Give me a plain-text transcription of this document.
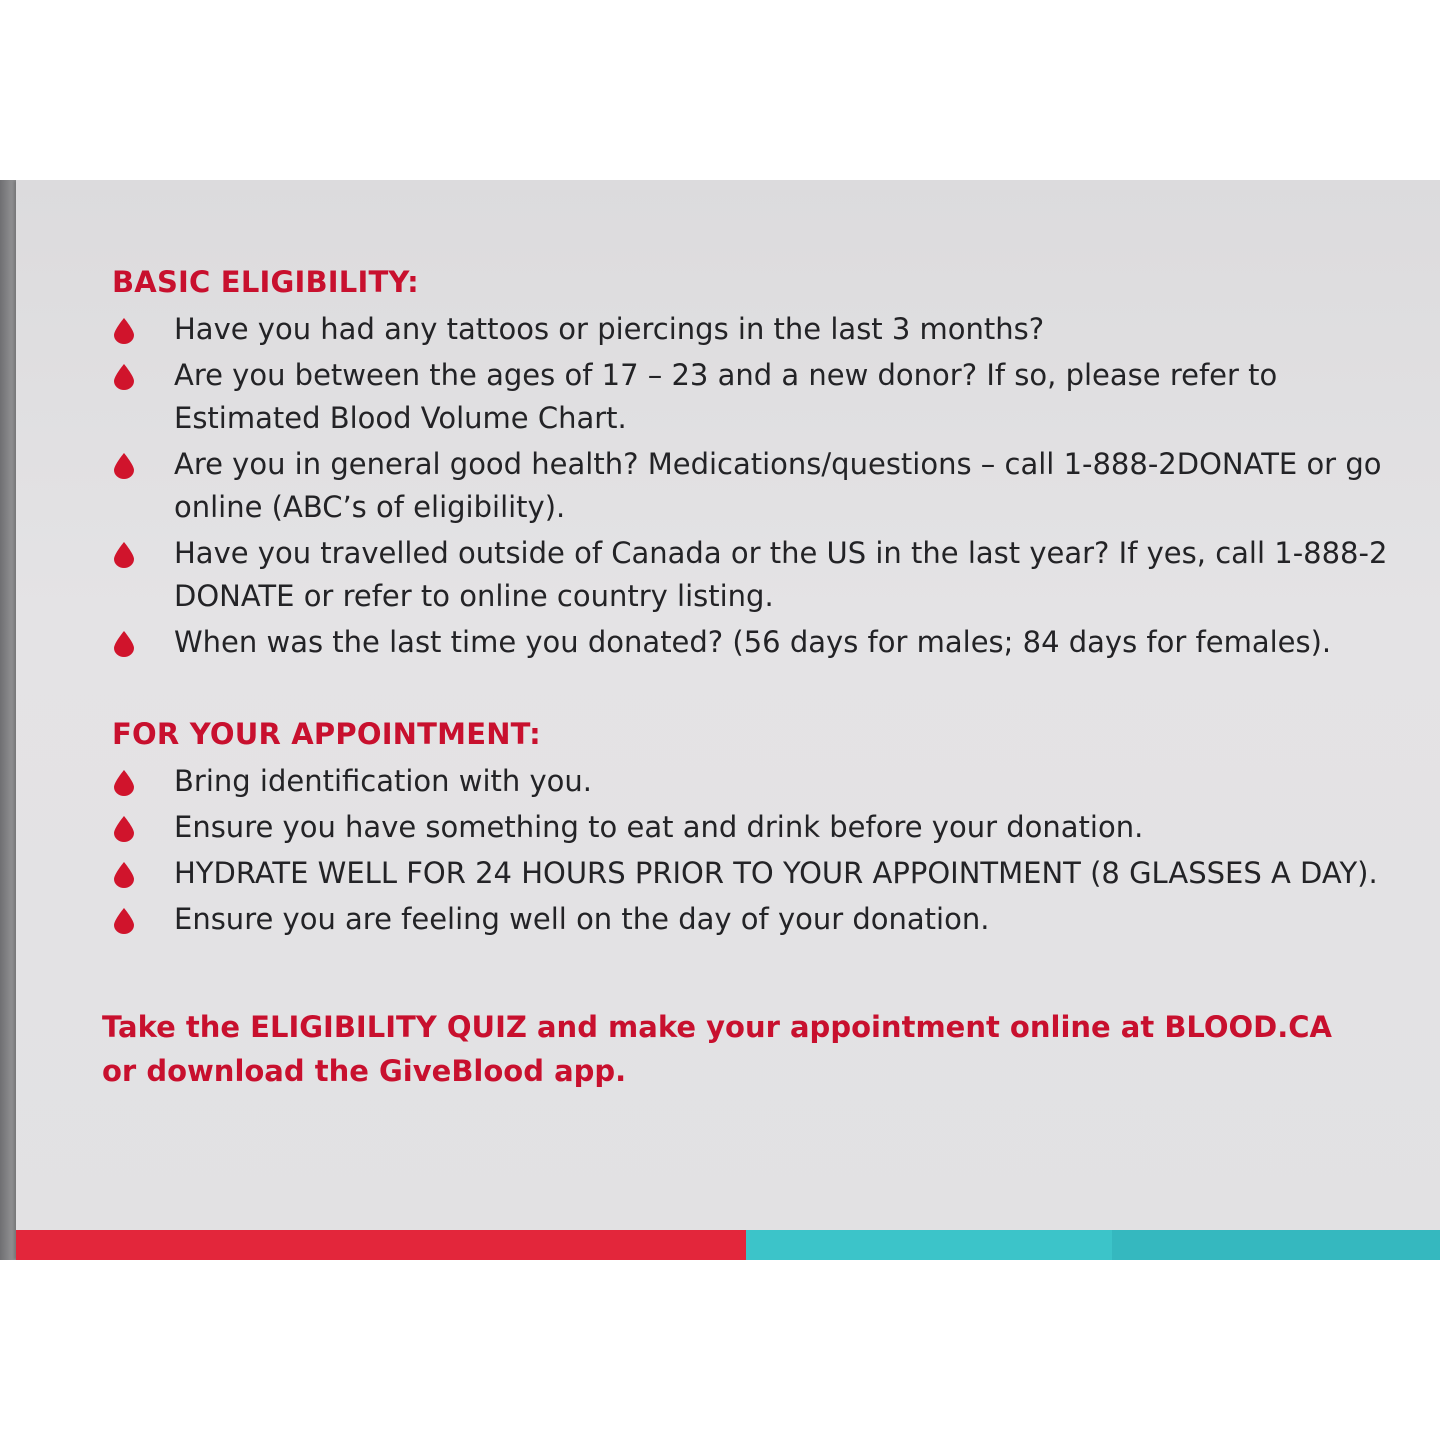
BASIC ELIGIBILITY:
Have you had any tattoos or piercings in the last 3 months?
Are you between the ages of 17 – 23 and a new donor? If so, please refer to Estimated Blood Volume Chart.
Are you in general good health? Medications/questions – call 1-888-2DONATE or go online (ABC’s of eligibility).
Have you travelled outside of Canada or the US in the last year? If yes, call 1-888-2 DONATE or refer to online country listing.
When was the last time you donated? (56 days for males; 84 days for females).
FOR YOUR APPOINTMENT:
Bring identification with you.
Ensure you have something to eat and drink before your donation.
HYDRATE WELL FOR 24 HOURS PRIOR TO YOUR APPOINTMENT (8 GLASSES A DAY).
Ensure you are feeling well on the day of your donation.
Take the ELIGIBILITY QUIZ and make your appointment online at BLOOD.CA or download the GiveBlood app.
